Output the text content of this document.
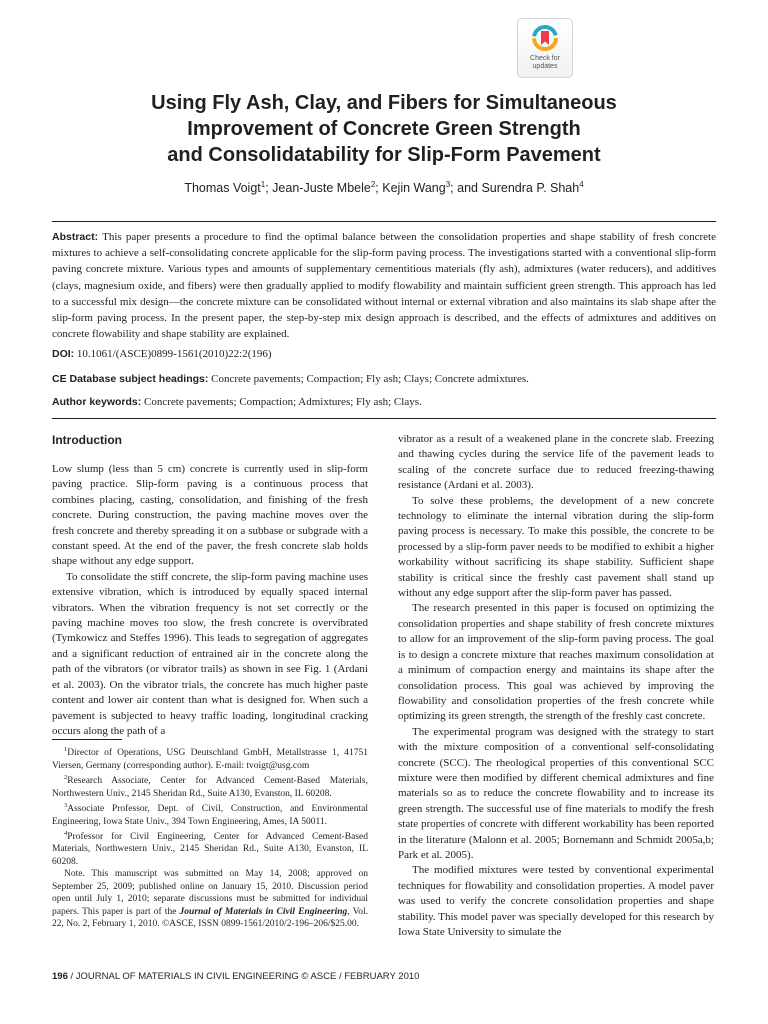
Check for
updates
Using Fly Ash, Clay, and Fibers for Simultaneous
Improvement of Concrete Green Strength
and Consolidatability for Slip-Form Pavement
Thomas Voigt$^1$; Jean-Juste Mbele$^2$; Kejin Wang$^3$; and Surendra P. Shah$^4$
Abstract: This paper presents a procedure to find the optimal balance between the consolidation properties and shape stability of fresh concrete mixtures to achieve a self-consolidating concrete applicable for the slip-form paving process. The investigations started with a conventional slip-form paving concrete mixture. Various types and amounts of supplementary cementitious materials (fly ash), admixtures (water reducers), and additives (clays, magnesium oxide, and fibers) were then gradually applied to modify flowability and maintain sufficient green strength. This approach has led to a successful mix design—the concrete mixture can be consolidated without internal or external vibration and also maintains its slab shape after the slip-form paving process. In the present paper, the step-by-step mix design approach is described, and the effects of admixtures and additives on concrete flowability and shape stability are explained.
DOI: 10.1061/(ASCE)0899-1561(2010)22:2(196)
CE Database subject headings: Concrete pavements; Compaction; Fly ash; Clays; Concrete admixtures.
Author keywords: Concrete pavements; Compaction; Admixtures; Fly ash; Clays.
Introduction

Low slump (less than 5 cm) concrete is currently used in slip-form paving practice. Slip-form paving is a continuous process that combines placing, casting, consolidation, and finishing of the fresh concrete. During construction, the paving machine moves over the fresh concrete and thereby spreading it on a subbase or subgrade with a constant speed. At the end of the paver, the fresh concrete slab holds shape without any edge support.

To consolidate the stiff concrete, the slip-form paving machine uses extensive vibration, which is introduced by equally spaced internal vibrators. When the vibration frequency is not set correctly or the paving machine moves too slow, the fresh concrete is overvibrated (Tymkowicz and Steffes 1996). This leads to segregation of aggregates and a significant reduction of entrained air in the concrete along the path of the vibrators (or vibrator trails) as shown in see Fig. 1 (Ardani et al. 2003). On the vibrator trials, the concrete has much higher paste content and lower air content than what is designed for. When such a pavement is subjected to heavy traffic loading, longitudinal cracking occurs along the path of a

vibrator as a result of a weakened plane in the concrete slab. Freezing and thawing cycles during the service life of the pavement leads to scaling of the concrete surface due to reduced freezing-thawing resistance (Ardani et al. 2003).

To solve these problems, the development of a new concrete technology to eliminate the internal vibration during the slip-form paving process is necessary. To make this possible, the concrete to be processed by a slip-form paver needs to be modified to exhibit a higher workability without sacrificing its shape stability. Sufficient shape stability is critical since the freshly cast pavement shall stand up without any edge support after the slip-form paver has passed.

The research presented in this paper is focused on optimizing the consolidation properties and shape stability of fresh concrete mixtures to allow for an improvement of the slip-form paving process. The goal is to design a concrete mixture that reaches maximum consolidation at a minimum of compaction energy and maintains its shape after the consolidation process. This goal was achieved by improving the flowability and consolidation properties of the fresh concrete while optimizing its green strength, the strength of the freshly cast concrete.

The experimental program was designed with the strategy to start with the mixture composition of a conventional self-consolidating concrete (SCC). The rheological properties of this conventional SCC mixture were then modified by different chemical admixtures and fine materials so as to reduce the concrete flowability and to increase its green strength. The successful use of fine materials to modify the fresh state properties of concrete with different workability has been reported in the literature (Malonn et al. 2005; Bornemann and Schmidt 2005a,b; Park et al. 2005).

The modified mixtures were tested by conventional experimental techniques for flowability and consolidation properties. A model paver was used to verify the concrete consolidation properties and shape stability. This model paver was specially developed for this research by Iowa State University to simulate the

$^1$Director of Operations, USG Deutschland GmbH, Metallstrasse 1, 41751 Viersen, Germany (corresponding author). E-mail: tvoigt@usg.com

$^2$Research Associate, Center for Advanced Cement-Based Materials, Northwestern Univ., 2145 Sheridan Rd., Suite A130, Evanston, IL 60208.

$^3$Associate Professor, Dept. of Civil, Construction, and Environmental Engineering, Iowa State Univ., 394 Town Engineering, Ames, IA 50011.

$^4$Professor for Civil Engineering, Center for Advanced Cement-Based Materials, Northwestern Univ., 2145 Sheridan Rd., Suite A130, Evanston, IL 60208.

Note. This manuscript was submitted on May 14, 2008; approved on September 25, 2009; published online on January 15, 2010. Discussion period open until July 1, 2010; separate discussions must be submitted for individual papers. This paper is part of the Journal of Materials in Civil Engineering, Vol. 22, No. 2, February 1, 2010. ©ASCE, ISSN 0899-1561/2010/2-196–206/$25.00.

196 / JOURNAL OF MATERIALS IN CIVIL ENGINEERING © ASCE / FEBRUARY 2010
